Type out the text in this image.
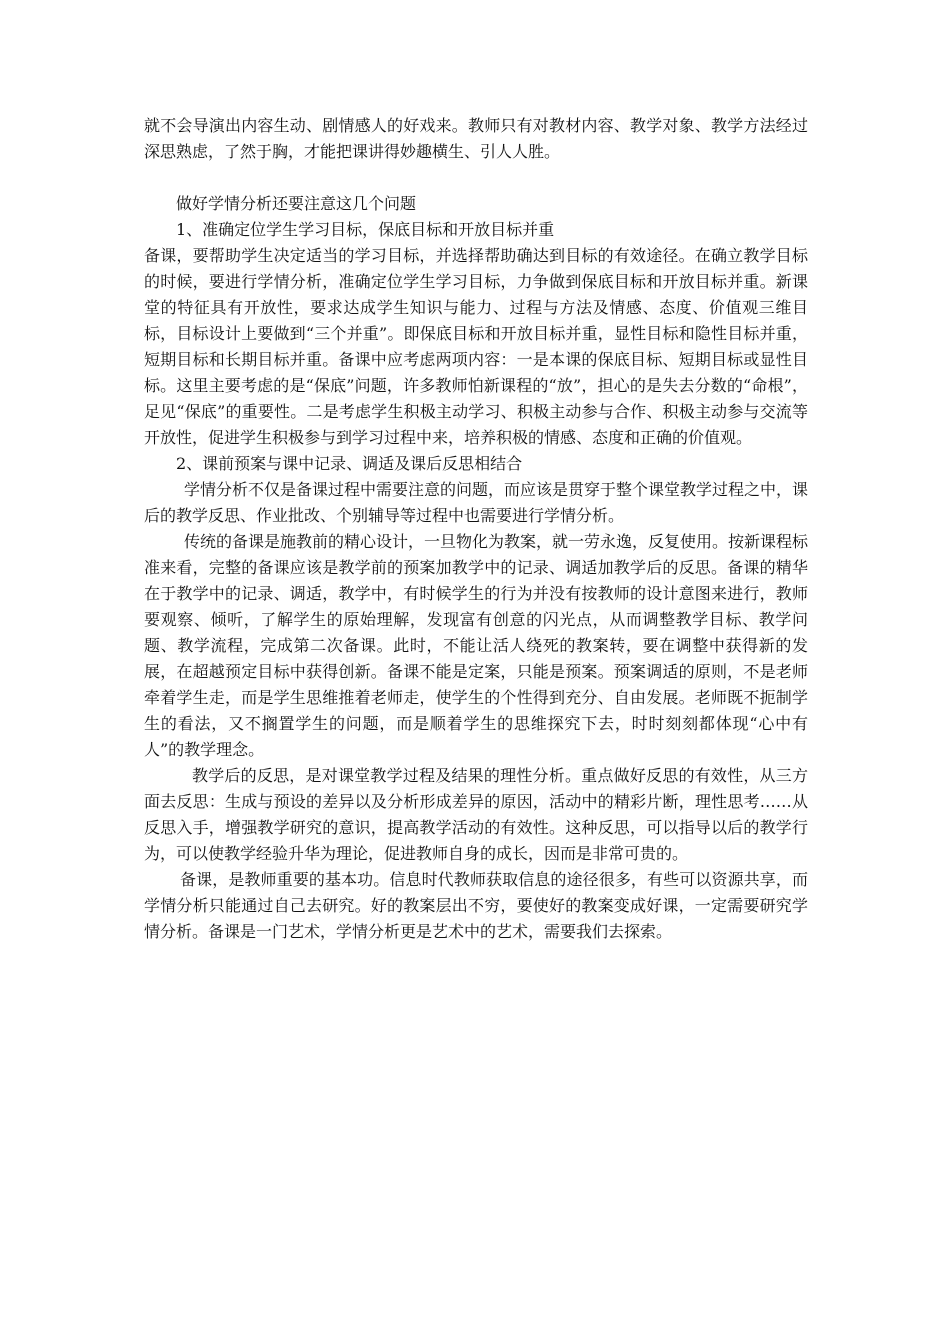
就不会导演出内容生动、剧情感人的好戏来。教师只有对教材内容、教学对象、教学方法经过深思熟虑，了然于胸，才能把课讲得妙趣横生、引人人胜。

做好学情分析还要注意这几个问题

1、准确定位学生学习目标，保底目标和开放目标并重

备课，要帮助学生决定适当的学习目标，并选择帮助确达到目标的有效途径。在确立教学目标的时候，要进行学情分析，准确定位学生学习目标，力争做到保底目标和开放目标并重。新课堂的特征具有开放性，要求达成学生知识与能力、过程与方法及情感、态度、价值观三维目标，目标设计上要做到“三个并重”。即保底目标和开放目标并重，显性目标和隐性目标并重，短期目标和长期目标并重。备课中应考虑两项内容：一是本课的保底目标、短期目标或显性目标。这里主要考虑的是“保底”问题，许多教师怕新课程的“放”，担心的是失去分数的“命根”，足见“保底”的重要性。二是考虑学生积极主动学习、积极主动参与合作、积极主动参与交流等开放性，促进学生积极参与到学习过程中来，培养积极的情感、态度和正确的价值观。

2、课前预案与课中记录、调适及课后反思相结合

学情分析不仅是备课过程中需要注意的问题，而应该是贯穿于整个课堂教学过程之中，课后的教学反思、作业批改、个别辅导等过程中也需要进行学情分析。

传统的备课是施教前的精心设计，一旦物化为教案，就一劳永逸，反复使用。按新课程标准来看，完整的备课应该是教学前的预案加教学中的记录、调适加教学后的反思。备课的精华在于教学中的记录、调适，教学中，有时候学生的行为并没有按教师的设计意图来进行，教师要观察、倾听，了解学生的原始理解，发现富有创意的闪光点，从而调整教学目标、教学问题、教学流程，完成第二次备课。此时，不能让活人绕死的教案转，要在调整中获得新的发展，在超越预定目标中获得创新。备课不能是定案，只能是预案。预案调适的原则，不是老师牵着学生走，而是学生思维推着老师走，使学生的个性得到充分、自由发展。老师既不扼制学生的看法，又不搁置学生的问题，而是顺着学生的思维探究下去，时时刻刻都体现“心中有人”的教学理念。

教学后的反思，是对课堂教学过程及结果的理性分析。重点做好反思的有效性，从三方面去反思：生成与预设的差异以及分析形成差异的原因，活动中的精彩片断，理性思考……从反思入手，增强教学研究的意识，提高教学活动的有效性。这种反思，可以指导以后的教学行为，可以使教学经验升华为理论，促进教师自身的成长，因而是非常可贵的。

备课，是教师重要的基本功。信息时代教师获取信息的途径很多，有些可以资源共享，而学情分析只能通过自己去研究。好的教案层出不穷，要使好的教案变成好课，一定需要研究学情分析。备课是一门艺术，学情分析更是艺术中的艺术，需要我们去探索。
